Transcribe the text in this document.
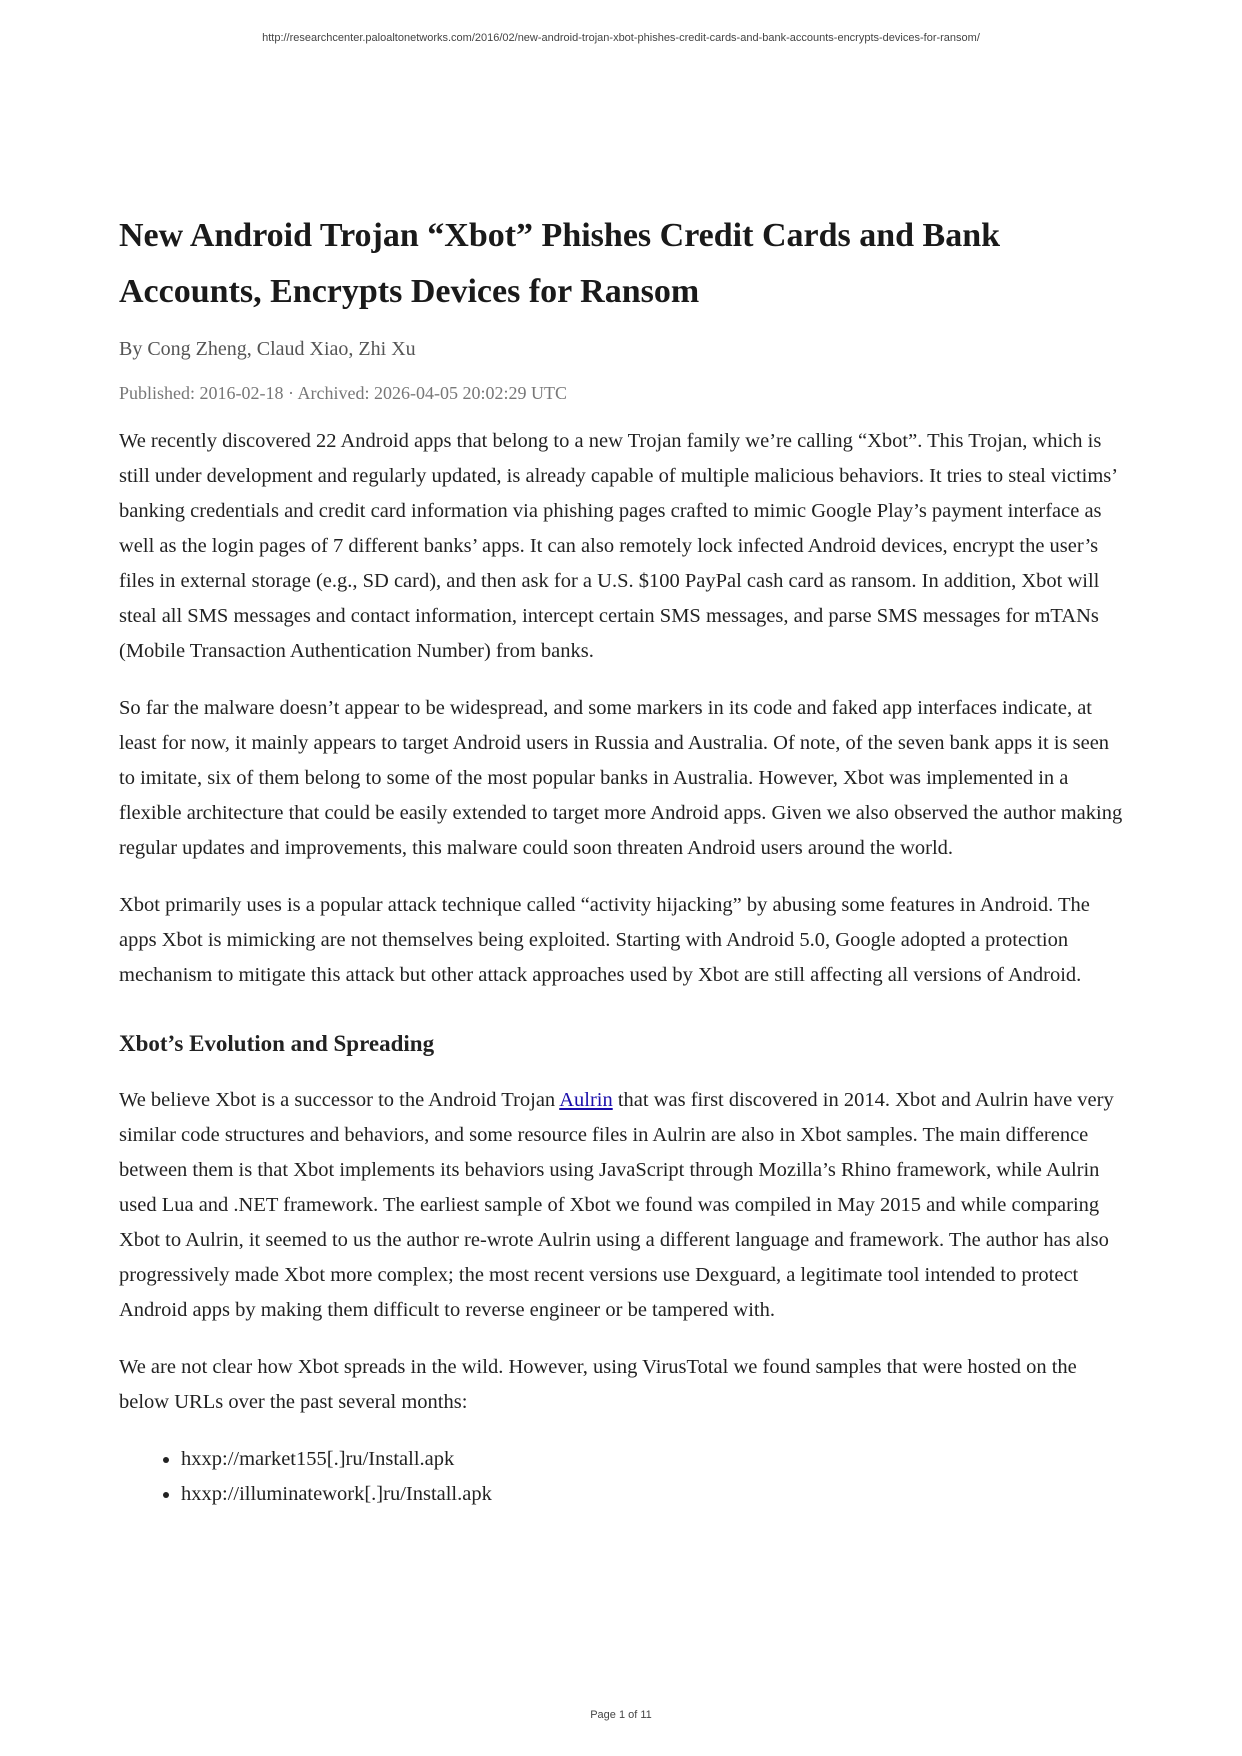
http://researchcenter.paloaltonetworks.com/2016/02/new-android-trojan-xbot-phishes-credit-cards-and-bank-accounts-encrypts-devices-for-ransom/
New Android Trojan “Xbot” Phishes Credit Cards and Bank Accounts, Encrypts Devices for Ransom
By Cong Zheng, Claud Xiao, Zhi Xu
Published: 2016-02-18 · Archived: 2026-04-05 20:02:29 UTC

We recently discovered 22 Android apps that belong to a new Trojan family we’re calling “Xbot”. This Trojan, which is still under development and regularly updated, is already capable of multiple malicious behaviors. It tries to steal victims’ banking credentials and credit card information via phishing pages crafted to mimic Google Play’s payment interface as well as the login pages of 7 different banks’ apps. It can also remotely lock infected Android devices, encrypt the user’s files in external storage (e.g., SD card), and then ask for a U.S. $100 PayPal cash card as ransom. In addition, Xbot will steal all SMS messages and contact information, intercept certain SMS messages, and parse SMS messages for mTANs (Mobile Transaction Authentication Number) from banks.

So far the malware doesn’t appear to be widespread, and some markers in its code and faked app interfaces indicate, at least for now, it mainly appears to target Android users in Russia and Australia. Of note, of the seven bank apps it is seen to imitate, six of them belong to some of the most popular banks in Australia. However, Xbot was implemented in a flexible architecture that could be easily extended to target more Android apps. Given we also observed the author making regular updates and improvements, this malware could soon threaten Android users around the world.

Xbot primarily uses is a popular attack technique called “activity hijacking” by abusing some features in Android. The apps Xbot is mimicking are not themselves being exploited. Starting with Android 5.0, Google adopted a protection mechanism to mitigate this attack but other attack approaches used by Xbot are still affecting all versions of Android.

Xbot’s Evolution and Spreading

We believe Xbot is a successor to the Android Trojan Aulrin that was first discovered in 2014. Xbot and Aulrin have very similar code structures and behaviors, and some resource files in Aulrin are also in Xbot samples. The main difference between them is that Xbot implements its behaviors using JavaScript through Mozilla’s Rhino framework, while Aulrin used Lua and .NET framework. The earliest sample of Xbot we found was compiled in May 2015 and while comparing Xbot to Aulrin, it seemed to us the author re-wrote Aulrin using a different language and framework. The author has also progressively made Xbot more complex; the most recent versions use Dexguard, a legitimate tool intended to protect Android apps by making them difficult to reverse engineer or be tampered with.

We are not clear how Xbot spreads in the wild. However, using VirusTotal we found samples that were hosted on the below URLs over the past several months:

• hxxp://market155[.]ru/Install.apk
• hxxp://illuminatework[.]ru/Install.apk
Page 1 of 11
